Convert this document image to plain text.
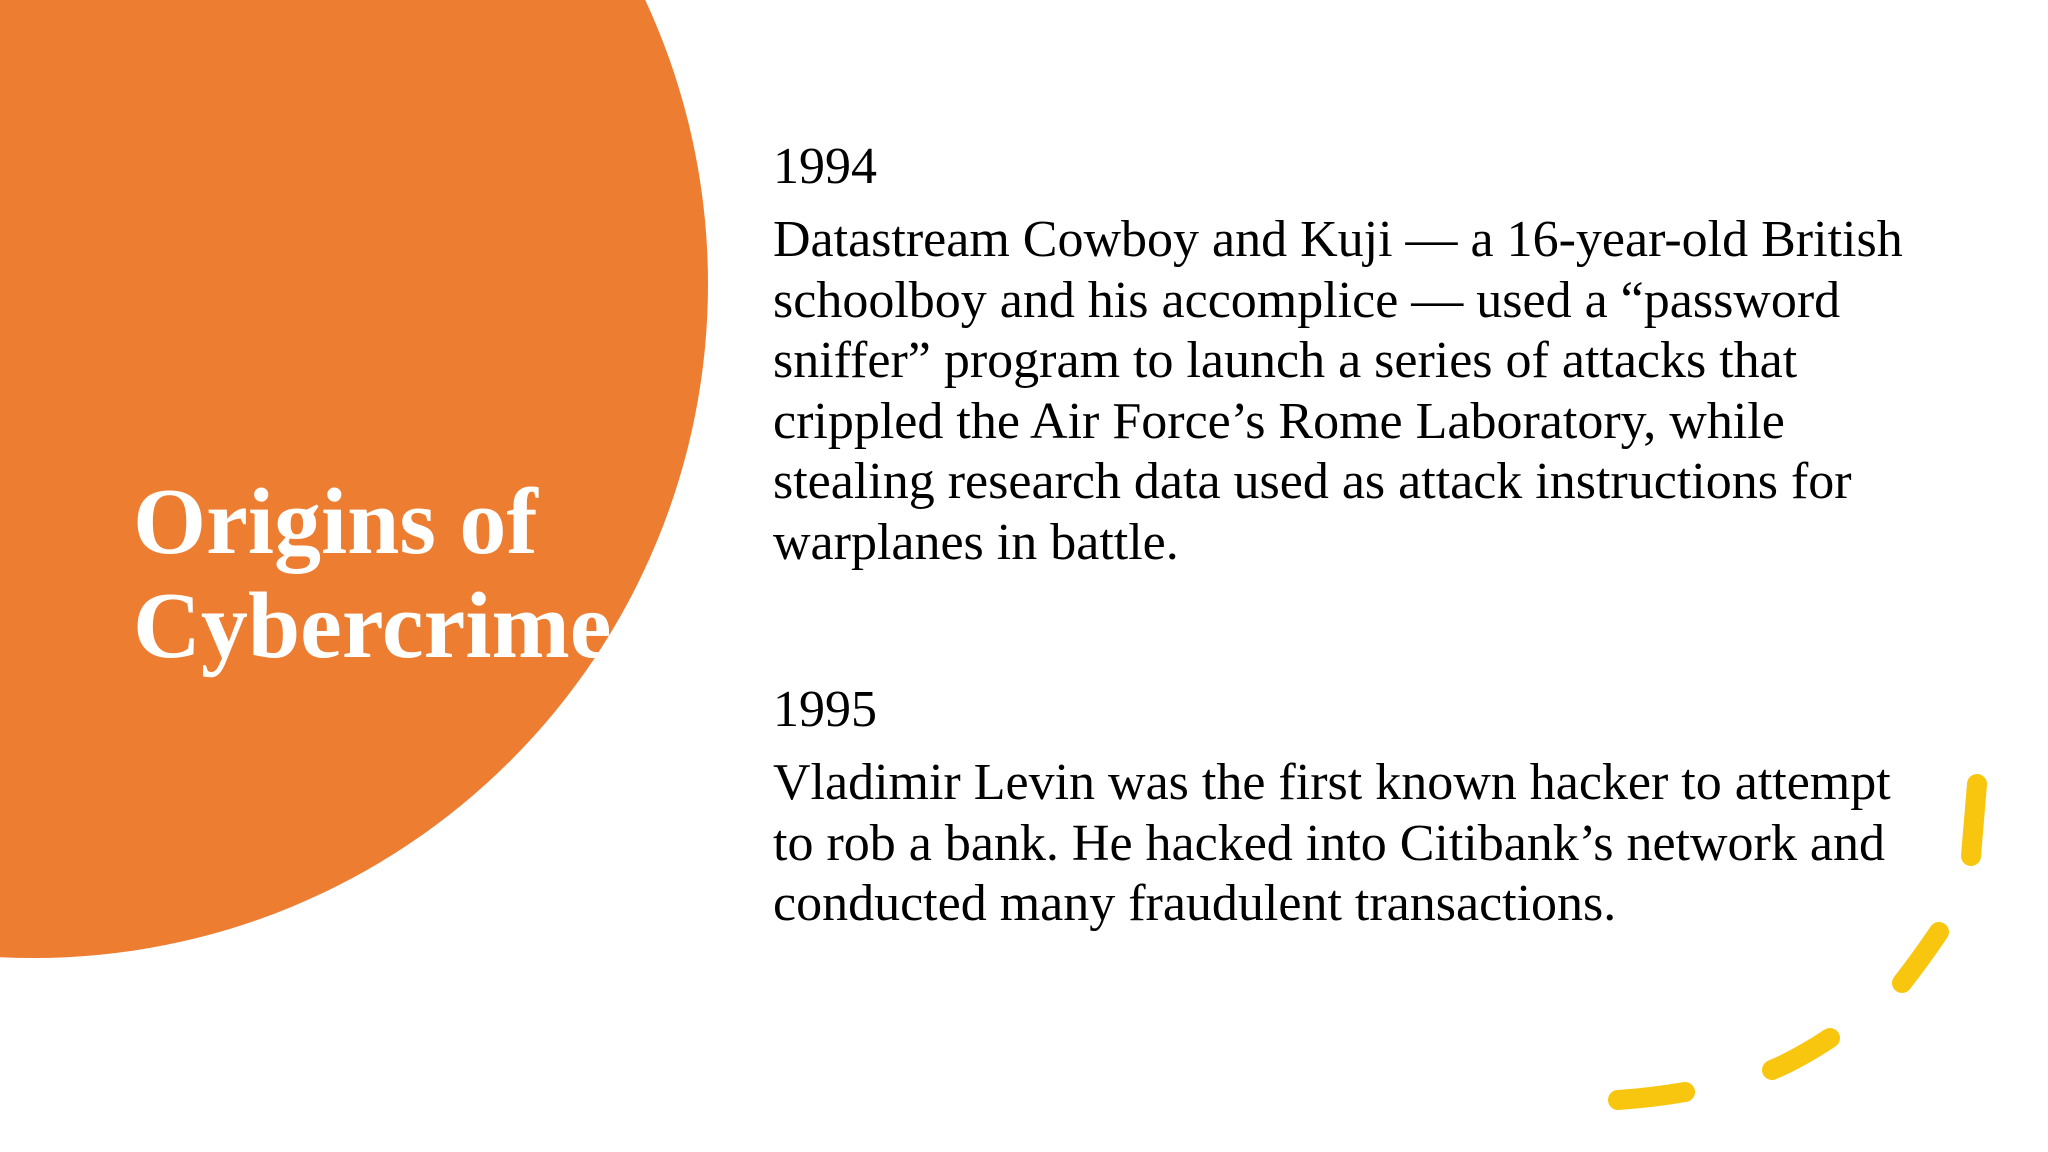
Origins of Cybercrime

1994

Datastream Cowboy and Kuji — a 16-year-old British schoolboy and his accomplice — used a “password sniffer” program to launch a series of attacks that crippled the Air Force’s Rome Laboratory, while stealing research data used as attack instructions for warplanes in battle.

1995

Vladimir Levin was the first known hacker to attempt to rob a bank. He hacked into Citibank’s network and conducted many fraudulent transactions.
